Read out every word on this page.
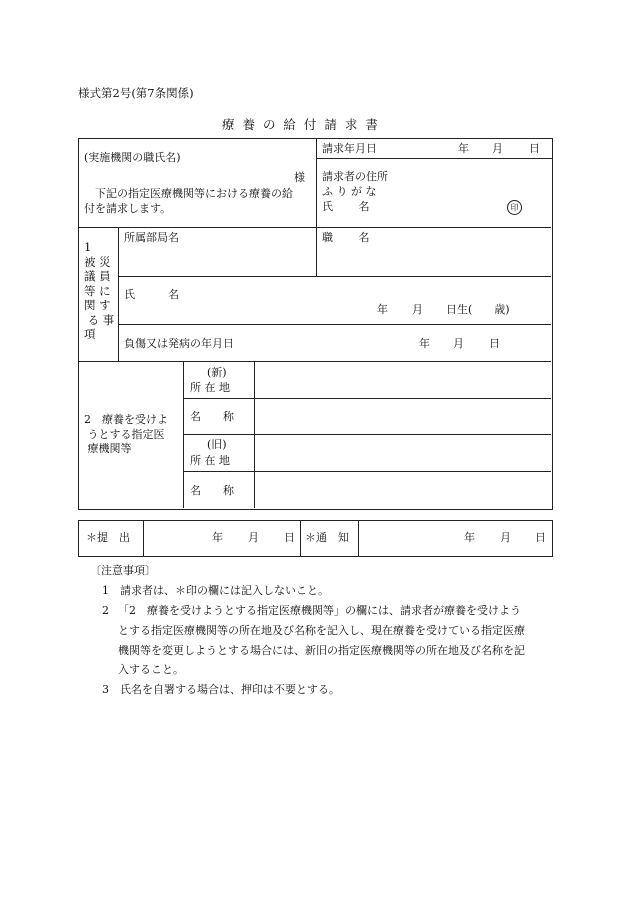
様式第2号(第7条関係)
療 養 の 給 付 請 求 書
(実施機関の職氏名)
様
下記の指定医療機関等における療養の給
付を請求します。
請求年月日	年 月 日
請求者の住所
ふ り が な
氏　　 名	印
1
被 災
議 員
等 に
関 す
る 事
項
所属部局名	職　　 名
氏　　　名
年 月 日生(　　歳)
負傷又は発病の年月日	年 月 日
2　療養を受けよ
うとする指定医
療機関等
(新)
所 在 地
名　　称
(旧)
所 在 地
名　　称
＊提　出	年 月 日 ＊通　知	年 月 日
〔注意事項〕
1 請求者は、＊印の欄には記入しないこと。
2 「2　療養を受けようとする指定医療機関等」の欄には、請求者が療養を受けよう
とする指定医療機関等の所在地及び名称を記入し、現在療養を受けている指定医療
機関等を変更しようとする場合には、新旧の指定医療機関等の所在地及び名称を記
入すること。
3 氏名を自署する場合は、押印は不要とする。
